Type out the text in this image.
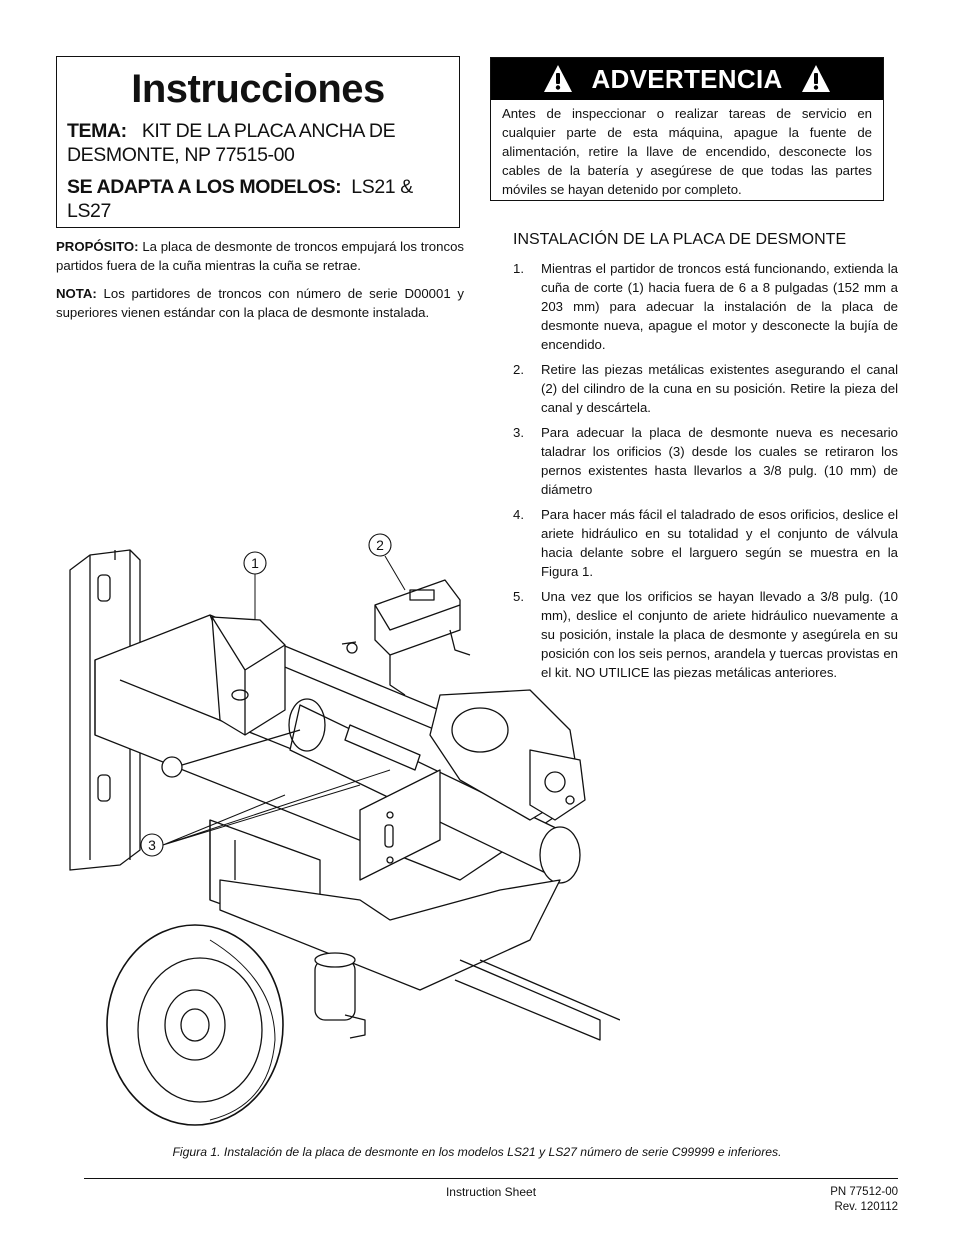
Instrucciones
TEMA: KIT DE LA PLACA ANCHA DE DESMONTE, NP 77515-00
SE ADAPTA A LOS MODELOS: LS21 & LS27
ADVERTENCIA
Antes de inspeccionar o realizar tareas de servicio en cualquier parte de esta máquina, apague la fuente de alimentación, retire la llave de encendido, desconecte los cables de la batería y asegúrese de que todas las partes móviles se hayan detenido por completo.

PROPÓSITO: La placa de desmonte de troncos empujará los troncos partidos fuera de la cuña mientras la cuña se retrae.

NOTA: Los partidores de troncos con número de serie D00001 y superiores vienen estándar con la placa de desmonte instalada.

INSTALACIÓN DE LA PLACA DE DESMONTE
1. Mientras el partidor de troncos está funcionando, extienda la cuña de corte (1) hacia fuera de 6 a 8 pulgadas (152 mm a 203 mm) para adecuar la instalación de la placa de desmonte nueva, apague el motor y desconecte la bujía de encendido.
2. Retire las piezas metálicas existentes asegurando el canal (2) del cilindro de la cuna en su posición. Retire la pieza del canal y descártela.
3. Para adecuar la placa de desmonte nueva es necesario taladrar los orificios (3) desde los cuales se retiraron los pernos existentes hasta llevarlos a 3/8 pulg. (10 mm) de diámetro
4. Para hacer más fácil el taladrado de esos orificios, deslice el ariete hidráulico en su totalidad y el conjunto de válvula hacia delante sobre el larguero según se muestra en la Figura 1.
5. Una vez que los orificios se hayan llevado a 3/8 pulg. (10 mm), deslice el conjunto de ariete hidráulico nuevamente a su posición, instale la placa de desmonte y asegúrela en su posición con los seis pernos, arandela y tuercas provistas en el kit. NO UTILICE las piezas metálicas anteriores.
1
2
3
Figura 1. Instalación de la placa de desmonte en los modelos LS21 y LS27 número de serie C99999 e inferiores.
Instruction Sheet	PN 77512-00
Rev. 120112
